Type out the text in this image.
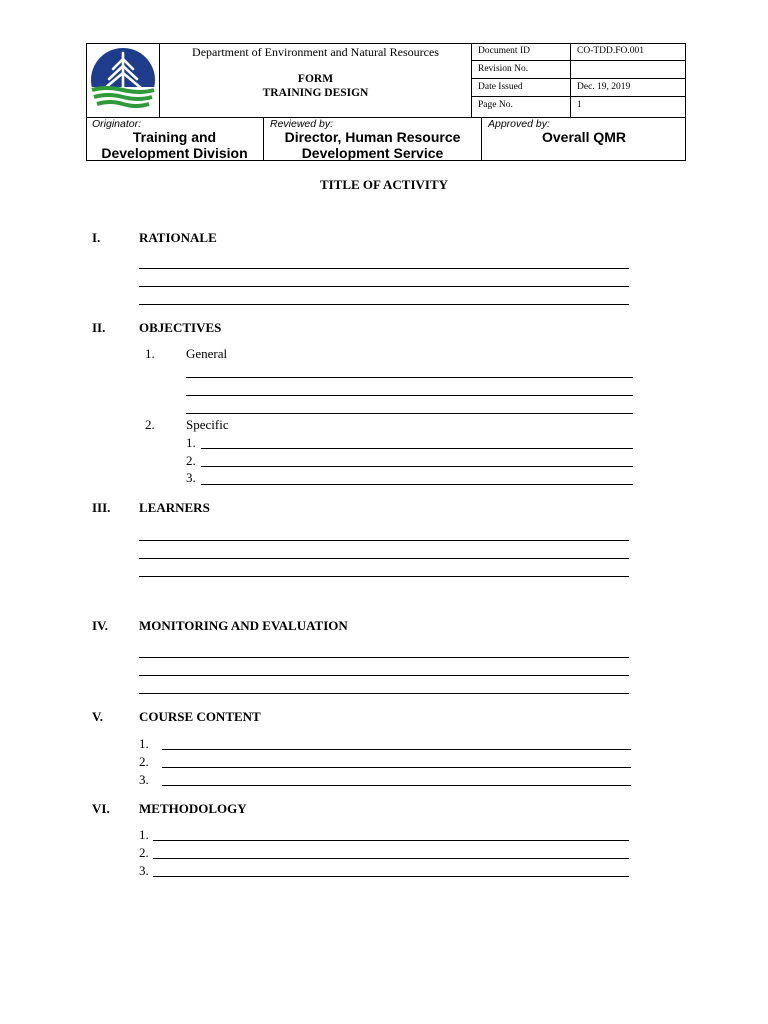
Department of Environment and Natural Resources
FORM
TRAINING DESIGN
Document ID	CO-TDD.FO.001
Revision No.
Date Issued	Dec. 19, 2019
Page No.	1
Originator:
Training and
Development Division
Reviewed by:
Director, Human Resource
Development Service
Approved by:
Overall QMR
TITLE OF ACTIVITY
I.	RATIONALE
II.	OBJECTIVES
1. General
2. Specific
1.
2.
3.
III. LEARNERS
IV. MONITORING AND EVALUATION
V.	COURSE CONTENT
1.
2.
3.
VI. METHODOLOGY
1.
2.
3.
